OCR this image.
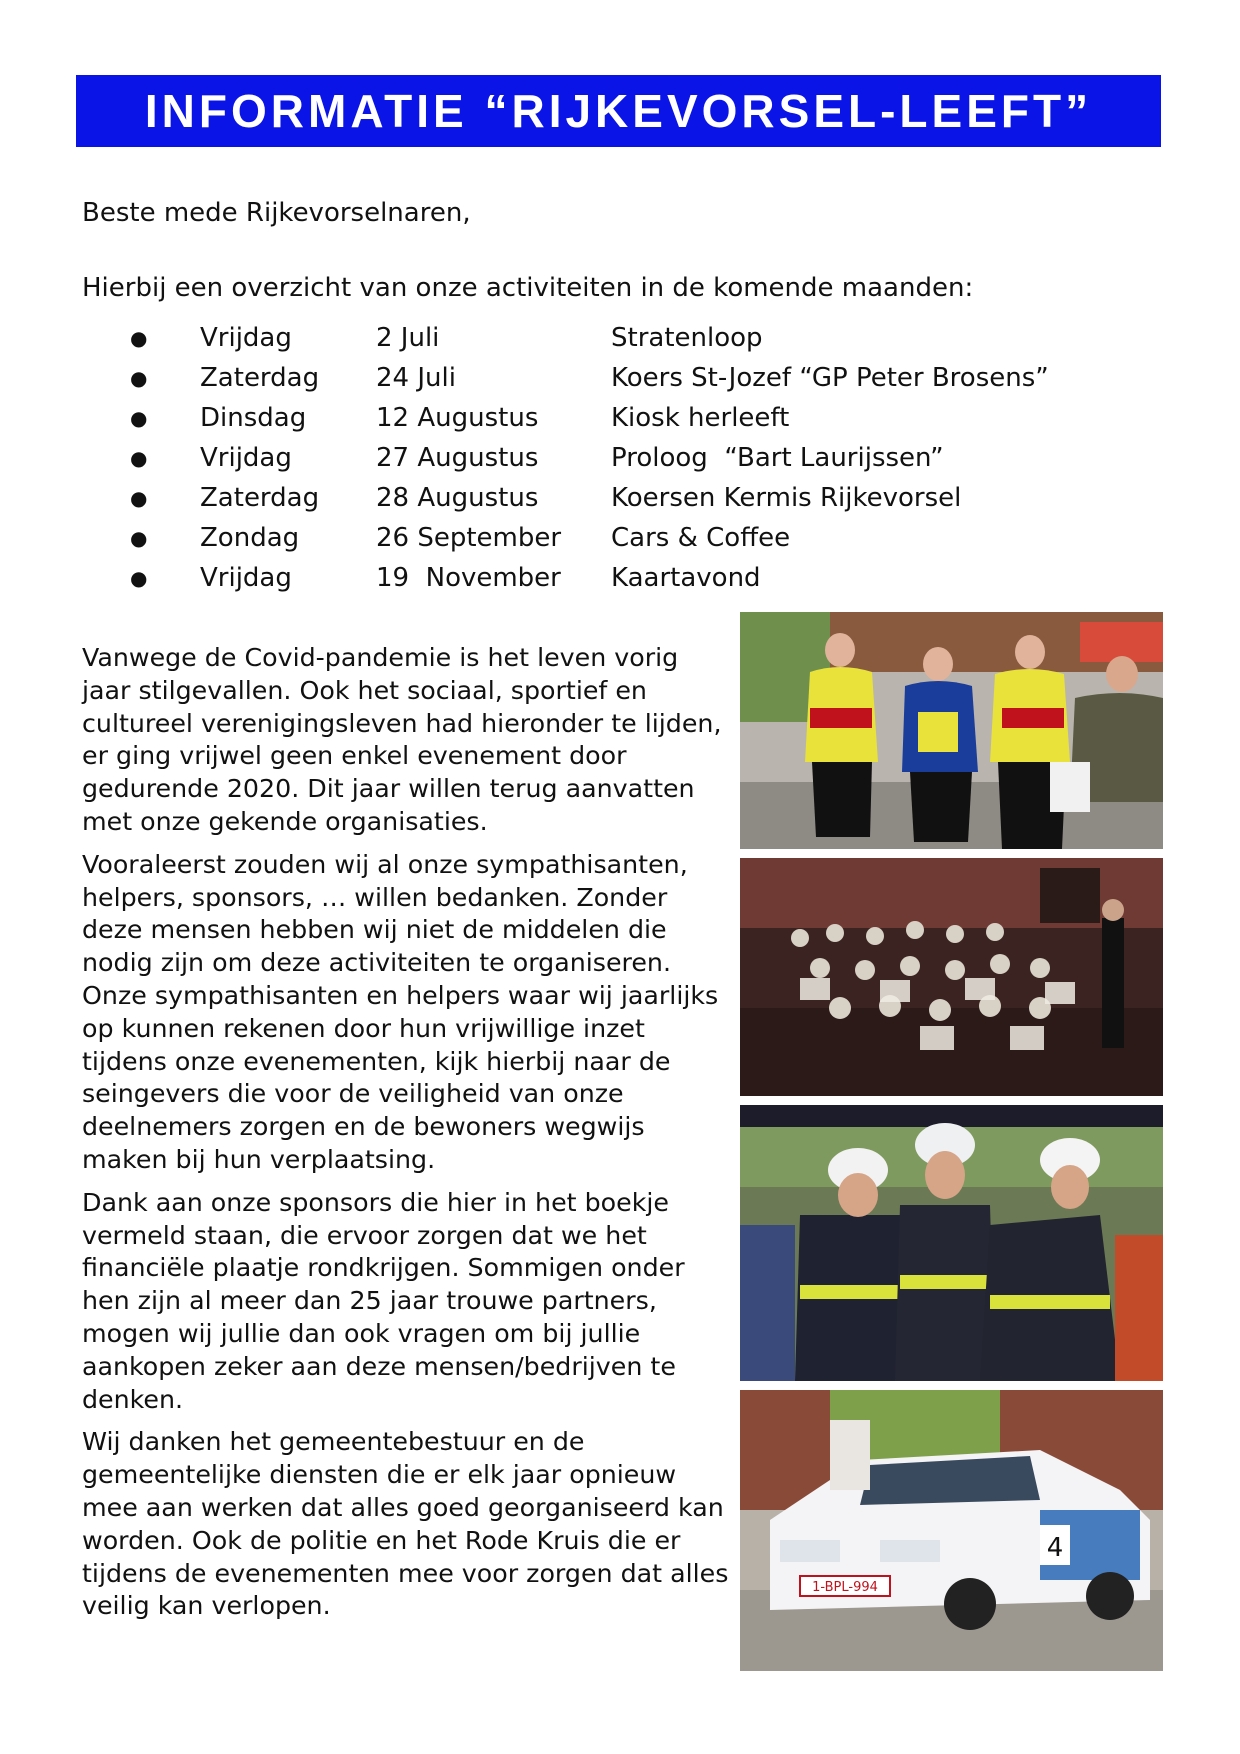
INFORMATIE “RIJKEVORSEL-LEEFT”
Beste mede Rijkevorselnaren,
Hierbij een overzicht van onze activiteiten in de komende maanden:
●	Vrijdag	2 Juli	Stratenloop
●	Zaterdag	24 Juli	Koers St-Jozef “GP Peter Brosens”
●	Dinsdag	12 Augustus	Kiosk herleeft
●	Vrijdag	27 Augustus	Proloog  “Bart Laurijssen”
●	Zaterdag	28 Augustus	Koersen Kermis Rijkevorsel
●	Zondag	26 September	Cars & Coffee
●	Vrijdag	19  November	Kaartavond

Vanwege de Covid-pandemie is het leven vorig jaar stilgevallen. Ook het sociaal, sportief en cultureel verenigingsleven had hieronder te lijden, er ging vrijwel geen enkel evenement door gedurende 2020. Dit jaar willen terug aanvatten met onze gekende organisaties.

Vooraleerst zouden wij al onze sympathisanten, helpers, sponsors, … willen bedanken. Zonder deze mensen hebben wij niet de middelen die nodig zijn om deze activiteiten te organiseren. Onze sympathisanten en helpers waar wij jaarlijks op kunnen rekenen door hun vrijwillige inzet tijdens onze evenementen, kijk hierbij naar de seingevers die voor de veiligheid van onze deelnemers zorgen en de bewoners wegwijs maken bij hun verplaatsing.

Dank aan onze sponsors die hier in het boekje vermeld staan, die ervoor zorgen dat we het financiële plaatje rondkrijgen. Sommigen onder hen zijn al meer dan 25 jaar trouwe partners, mogen wij jullie dan ook vragen om bij jullie aankopen zeker aan deze mensen/bedrijven te denken.

Wij danken het gemeentebestuur en de gemeentelijke diensten die er elk jaar opnieuw mee aan werken dat alles goed georganiseerd kan worden. Ook de politie en het Rode Kruis die er tijdens de evenementen mee voor zorgen dat alles veilig kan verlopen.

4
1-BPL-994
